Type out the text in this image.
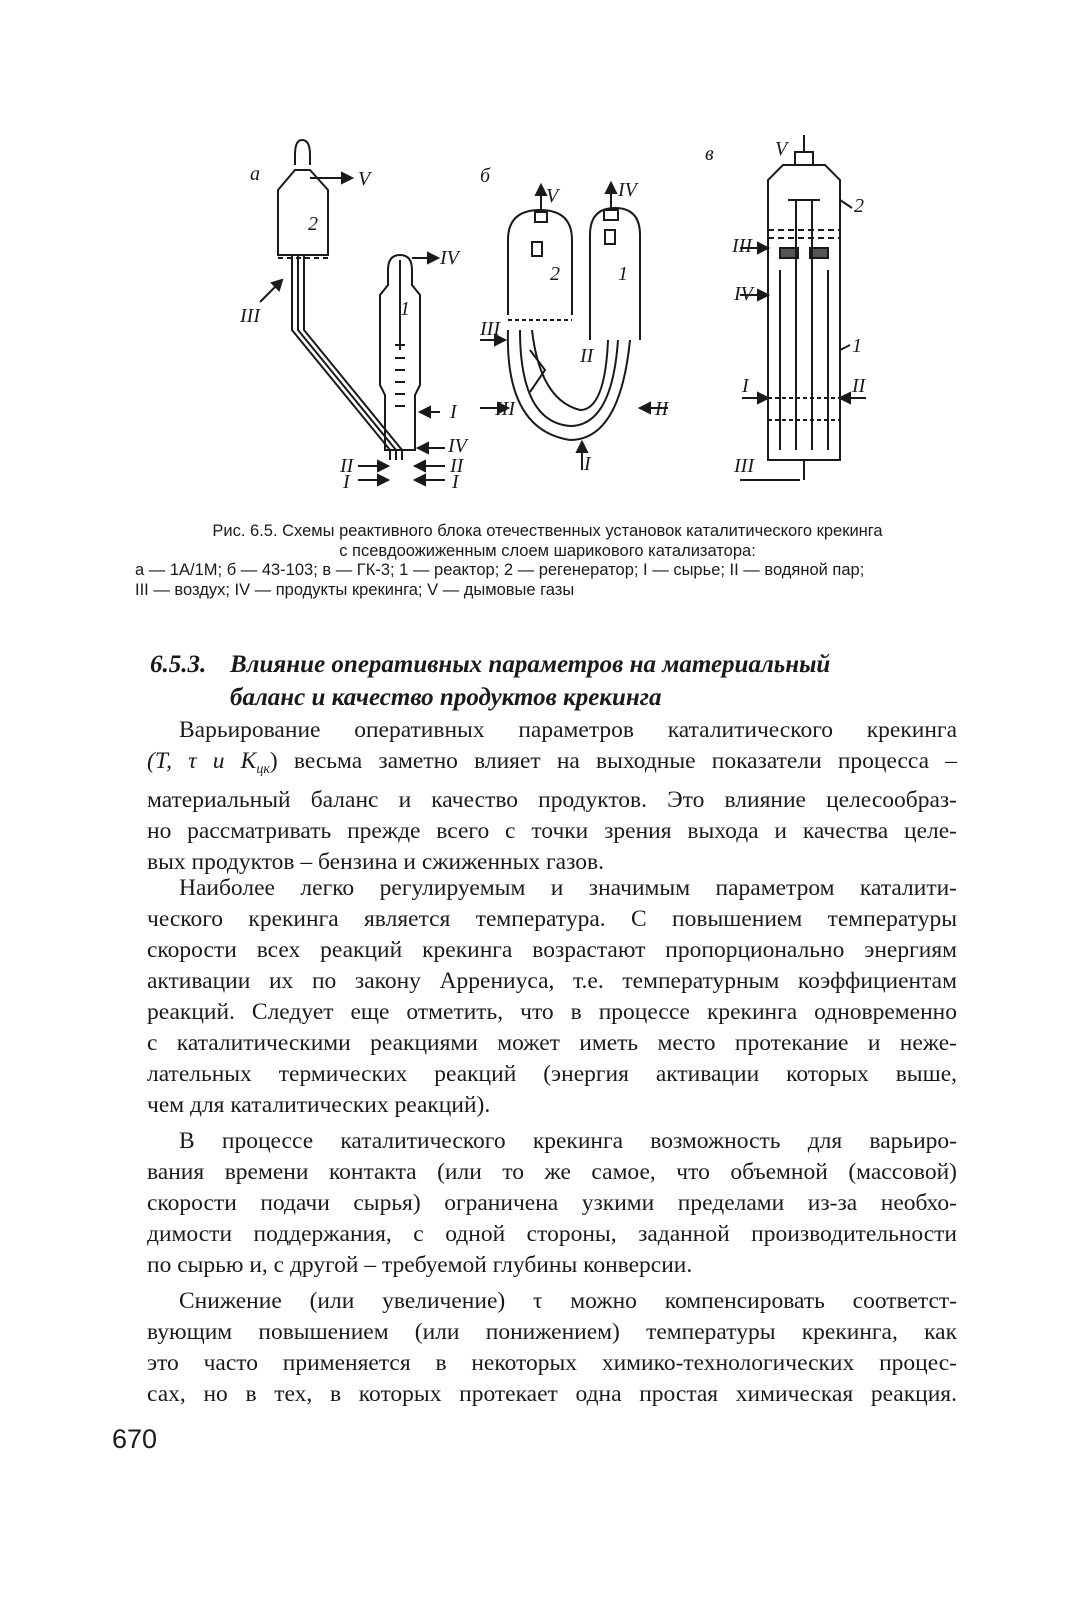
а	V
2
IV
1
III
I
IV
II
I
II
I
б
V	IV
2	1
III
II
III	II
I
в	V
2
III
IV
1
I	II
III
Рис. 6.5. Схемы реактивного блока отечественных установок каталитического крекинга
с псевдоожиженным слоем шарикового катализатора:
а — 1А/1М; б — 43-103; в — ГК-3; 1 — реактор; 2 — регенератор; I — сырье; II — водяной пар;
III — воздух; IV — продукты крекинга; V — дымовые газы
6.5.3. Влияние оперативных параметров на материальный
баланс и качество продуктов крекинга
Варьирование оперативных параметров каталитического крекинга
(T, τ и $K_{цк}$) весьма заметно влияет на выходные показатели процесса –
материальный баланс и качество продуктов. Это влияние целесообраз-
но рассматривать прежде всего с точки зрения выхода и качества целе-
вых продуктов – бензина и сжиженных газов.
Наиболее легко регулируемым и значимым параметром каталити-
ческого крекинга является температура. С повышением температуры
скорости всех реакций крекинга возрастают пропорционально энергиям
активации их по закону Аррениуса, т.е. температурным коэффициентам
реакций. Следует еще отметить, что в процессе крекинга одновременно
с каталитическими реакциями может иметь место протекание и неже-
лательных термических реакций (энергия активации которых выше,
чем для каталитических реакций).
В процессе каталитического крекинга возможность для варьиро-
вания времени контакта (или то же самое, что объемной (массовой)
скорости подачи сырья) ограничена узкими пределами из-за необхо-
димости поддержания, с одной стороны, заданной производительности
по сырью и, с другой – требуемой глубины конверсии.
Снижение (или увеличение) τ можно компенсировать соответст-
вующим повышением (или понижением) температуры крекинга, как
это часто применяется в некоторых химико-технологических процес-
сах, но в тех, в которых протекает одна простая химическая реакция.
670
